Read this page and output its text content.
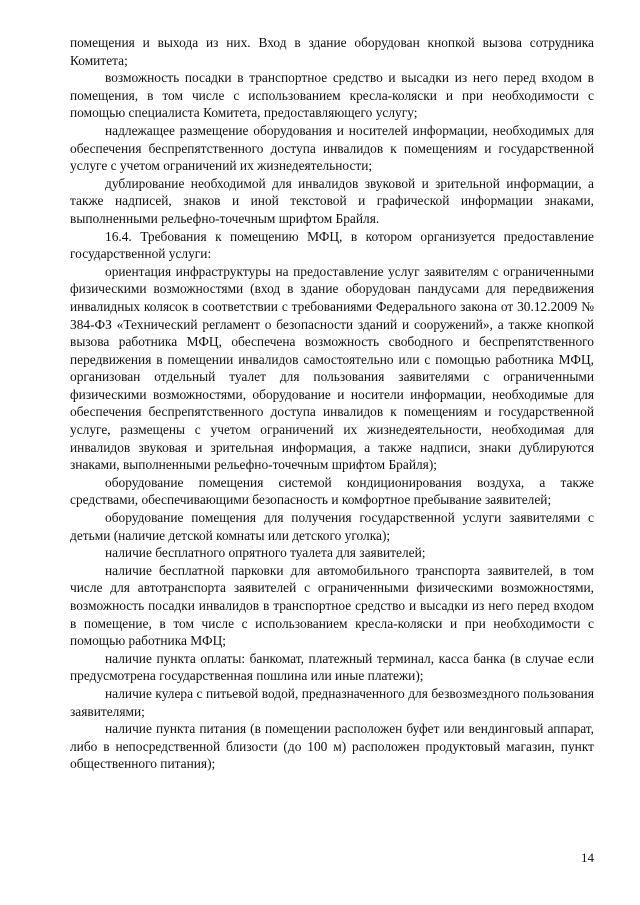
помещения и выхода из них. Вход в здание оборудован кнопкой вызова сотрудника Комитета;

возможность посадки в транспортное средство и высадки из него перед входом в помещения, в том числе с использованием кресла-коляски и при необходимости с помощью специалиста Комитета, предоставляющего услугу;

надлежащее размещение оборудования и носителей информации, необходимых для обеспечения беспрепятственного доступа инвалидов к помещениям и государственной услуге с учетом ограничений их жизнедеятельности;

дублирование необходимой для инвалидов звуковой и зрительной информации, а также надписей, знаков и иной текстовой и графической информации знаками, выполненными рельефно-точечным шрифтом Брайля.

16.4. Требования к помещению МФЦ, в котором организуется предоставление государственной услуги:

ориентация инфраструктуры на предоставление услуг заявителям с ограниченными физическими возможностями (вход в здание оборудован пандусами для передвижения инвалидных колясок в соответствии с требованиями Федерального закона от 30.12.2009 № 384-ФЗ «Технический регламент о безопасности зданий и сооружений», а также кнопкой вызова работника МФЦ, обеспечена возможность свободного и беспрепятственного передвижения в помещении инвалидов самостоятельно или с помощью работника МФЦ, организован отдельный туалет для пользования заявителями с ограниченными физическими возможностями, оборудование и носители информации, необходимые для обеспечения беспрепятственного доступа инвалидов к помещениям и государственной услуге, размещены с учетом ограничений их жизнедеятельности, необходимая для инвалидов звуковая и зрительная информация, а также надписи, знаки дублируются знаками, выполненными рельефно-точечным шрифтом Брайля);

оборудование помещения системой кондиционирования воздуха, а также средствами, обеспечивающими безопасность и комфортное пребывание заявителей;

оборудование помещения для получения государственной услуги заявителями с детьми (наличие детской комнаты или детского уголка);

наличие бесплатного опрятного туалета для заявителей;

наличие бесплатной парковки для автомобильного транспорта заявителей, в том числе для автотранспорта заявителей с ограниченными физическими возможностями, возможность посадки инвалидов в транспортное средство и высадки из него перед входом в помещение, в том числе с использованием кресла-коляски и при необходимости с помощью работника МФЦ;

наличие пункта оплаты: банкомат, платежный терминал, касса банка (в случае если предусмотрена государственная пошлина или иные платежи);

наличие кулера с питьевой водой, предназначенного для безвозмездного пользования заявителями;

наличие пункта питания (в помещении расположен буфет или вендинговый аппарат, либо в непосредственной близости (до 100 м) расположен продуктовый магазин, пункт общественного питания);

14
